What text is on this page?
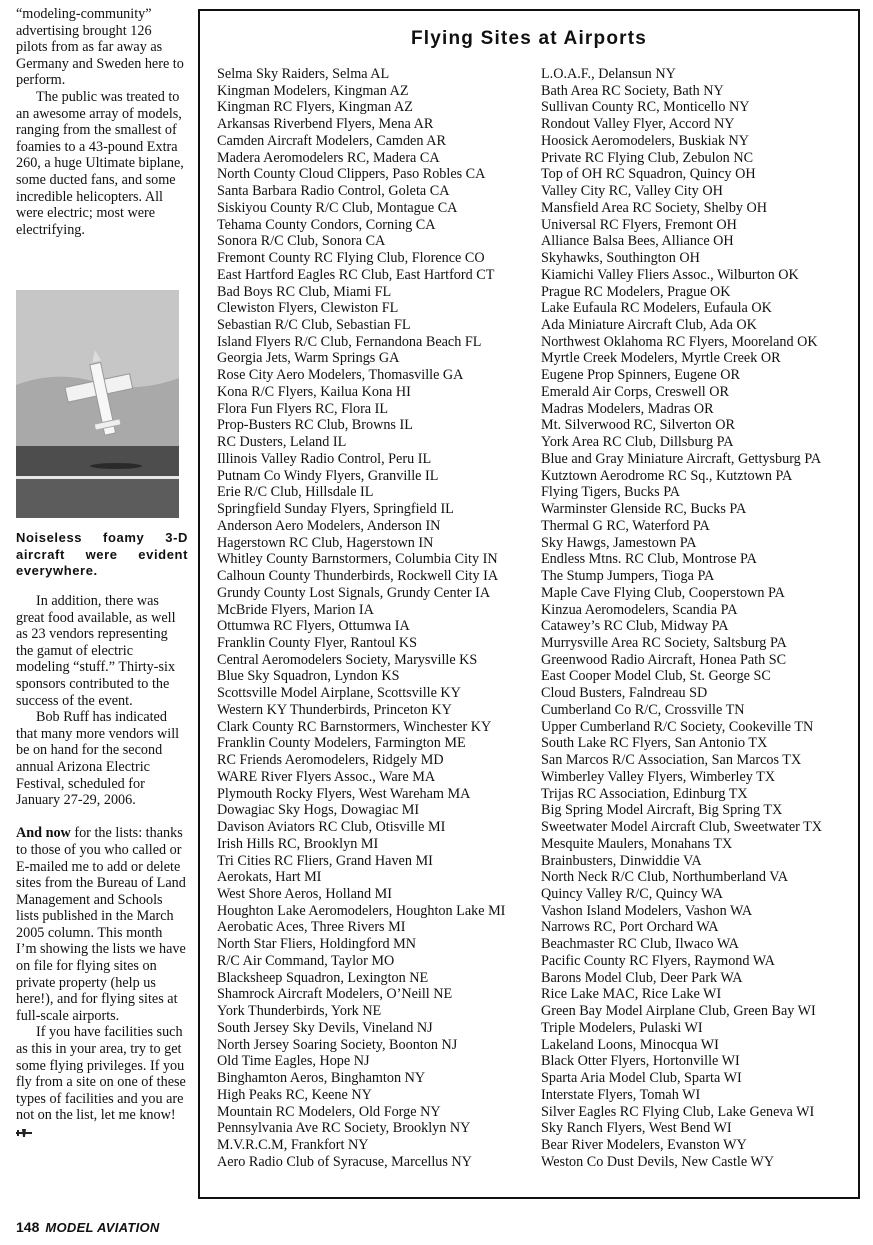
“modeling-community” advertising brought 126 pilots from as far away as Germany and Sweden here to perform.

The public was treated to an awesome array of models, ranging from the smallest of foamies to a 43-pound Extra 260, a huge Ultimate biplane, some ducted fans, and some incredible helicopters. All were electric; most were electrifying.

Noiseless foamy 3-D aircraft were evident everywhere.

In addition, there was great food available, as well as 23 vendors representing the gamut of electric modeling “stuff.” Thirty-six sponsors contributed to the success of the event.

Bob Ruff has indicated that many more vendors will be on hand for the second annual Arizona Electric Festival, scheduled for January 27-29, 2006.

And now for the lists: thanks to those of you who called or E-mailed me to add or delete sites from the Bureau of Land Management and Schools lists published in the March 2005 column. This month I’m showing the lists we have on file for flying sites on private property (help us here!), and for flying sites at full-scale airports.

If you have facilities such as this in your area, try to get some flying privileges. If you fly from a site on one of these types of facilities and you are not on the list, let me know!

Flying Sites at Airports
Selma Sky Raiders, Selma AL
Kingman Modelers, Kingman AZ
Kingman RC Flyers, Kingman AZ
Arkansas Riverbend Flyers, Mena AR
Camden Aircraft Modelers, Camden AR
Madera Aeromodelers RC, Madera CA
North County Cloud Clippers, Paso Robles CA
Santa Barbara Radio Control, Goleta CA
Siskiyou County R/C Club, Montague CA
Tehama County Condors, Corning CA
Sonora R/C Club, Sonora CA
Fremont County RC Flying Club, Florence CO
East Hartford Eagles RC Club, East Hartford CT
Bad Boys RC Club, Miami FL
Clewiston Flyers, Clewiston FL
Sebastian R/C Club, Sebastian FL
Island Flyers R/C Club, Fernandona Beach FL
Georgia Jets, Warm Springs GA
Rose City Aero Modelers, Thomasville GA
Kona R/C Flyers, Kailua Kona HI
Flora Fun Flyers RC, Flora IL
Prop-Busters RC Club, Browns IL
RC Dusters, Leland IL
Illinois Valley Radio Control, Peru IL
Putnam Co Windy Flyers, Granville IL
Erie R/C Club, Hillsdale IL
Springfield Sunday Flyers, Springfield IL
Anderson Aero Modelers, Anderson IN
Hagerstown RC Club, Hagerstown IN
Whitley County Barnstormers, Columbia City IN
Calhoun County Thunderbirds, Rockwell City IA
Grundy County Lost Signals, Grundy Center IA
McBride Flyers, Marion IA
Ottumwa RC Flyers, Ottumwa IA
Franklin County Flyer, Rantoul KS
Central Aeromodelers Society, Marysville KS
Blue Sky Squadron, Lyndon KS
Scottsville Model Airplane, Scottsville KY
Western KY Thunderbirds, Princeton KY
Clark County RC Barnstormers, Winchester KY
Franklin County Modelers, Farmington ME
RC Friends Aeromodelers, Ridgely MD
WARE River Flyers Assoc., Ware MA
Plymouth Rocky Flyers, West Wareham MA
Dowagiac Sky Hogs, Dowagiac MI
Davison Aviators RC Club, Otisville MI
Irish Hills RC, Brooklyn MI
Tri Cities RC Fliers, Grand Haven MI
Aerokats, Hart MI
West Shore Aeros, Holland MI
Houghton Lake Aeromodelers, Houghton Lake MI
Aerobatic Aces, Three Rivers MI
North Star Fliers, Holdingford MN
R/C Air Command, Taylor MO
Blacksheep Squadron, Lexington NE
Shamrock Aircraft Modelers, O’Neill NE
York Thunderbirds, York NE
South Jersey Sky Devils, Vineland NJ
North Jersey Soaring Society, Boonton NJ
Old Time Eagles, Hope NJ
Binghamton Aeros, Binghamton NY
High Peaks RC, Keene NY
Mountain RC Modelers, Old Forge NY
Pennsylvania Ave RC Society, Brooklyn NY
M.V.R.C.M, Frankfort NY
Aero Radio Club of Syracuse, Marcellus NY
L.O.A.F., Delansun NY
Bath Area RC Society, Bath NY
Sullivan County RC, Monticello NY
Rondout Valley Flyer, Accord NY
Hoosick Aeromodelers, Buskiak NY
Private RC Flying Club, Zebulon NC
Top of OH RC Squadron, Quincy OH
Valley City RC, Valley City OH
Mansfield Area RC Society, Shelby OH
Universal RC Flyers, Fremont OH
Alliance Balsa Bees, Alliance OH
Skyhawks, Southington OH
Kiamichi Valley Fliers Assoc., Wilburton OK
Prague RC Modelers, Prague OK
Lake Eufaula RC Modelers, Eufaula OK
Ada Miniature Aircraft Club, Ada OK
Northwest Oklahoma RC Flyers, Mooreland OK
Myrtle Creek Modelers, Myrtle Creek OR
Eugene Prop Spinners, Eugene OR
Emerald Air Corps, Creswell OR
Madras Modelers, Madras OR
Mt. Silverwood RC, Silverton OR
York Area RC Club, Dillsburg PA
Blue and Gray Miniature Aircraft, Gettysburg PA
Kutztown Aerodrome RC Sq., Kutztown PA
Flying Tigers, Bucks PA
Warminster Glenside RC, Bucks PA
Thermal G RC, Waterford PA
Sky Hawgs, Jamestown PA
Endless Mtns. RC Club, Montrose PA
The Stump Jumpers, Tioga PA
Maple Cave Flying Club, Cooperstown PA
Kinzua Aeromodelers, Scandia PA
Catawey’s RC Club, Midway PA
Murrysville Area RC Society, Saltsburg PA
Greenwood Radio Aircraft, Honea Path SC
East Cooper Model Club, St. George SC
Cloud Busters, Falndreau SD
Cumberland Co R/C, Crossville TN
Upper Cumberland R/C Society, Cookeville TN
South Lake RC Flyers, San Antonio TX
San Marcos R/C Association, San Marcos TX
Wimberley Valley Flyers, Wimberley TX
Trijas RC Association, Edinburg TX
Big Spring Model Aircraft, Big Spring TX
Sweetwater Model Aircraft Club, Sweetwater TX
Mesquite Maulers, Monahans TX
Brainbusters, Dinwiddie VA
North Neck R/C Club, Northumberland VA
Quincy Valley R/C, Quincy WA
Vashon Island Modelers, Vashon WA
Narrows RC, Port Orchard WA
Beachmaster RC Club, Ilwaco WA
Pacific County RC Flyers, Raymond WA
Barons Model Club, Deer Park WA
Rice Lake MAC, Rice Lake WI
Green Bay Model Airplane Club, Green Bay WI
Triple Modelers, Pulaski WI
Lakeland Loons, Minocqua WI
Black Otter Flyers, Hortonville WI
Sparta Aria Model Club, Sparta WI
Interstate Flyers, Tomah WI
Silver Eagles RC Flying Club, Lake Geneva WI
Sky Ranch Flyers, West Bend WI
Bear River Modelers, Evanston WY
Weston Co Dust Devils, New Castle WY
148 MODEL AVIATION
